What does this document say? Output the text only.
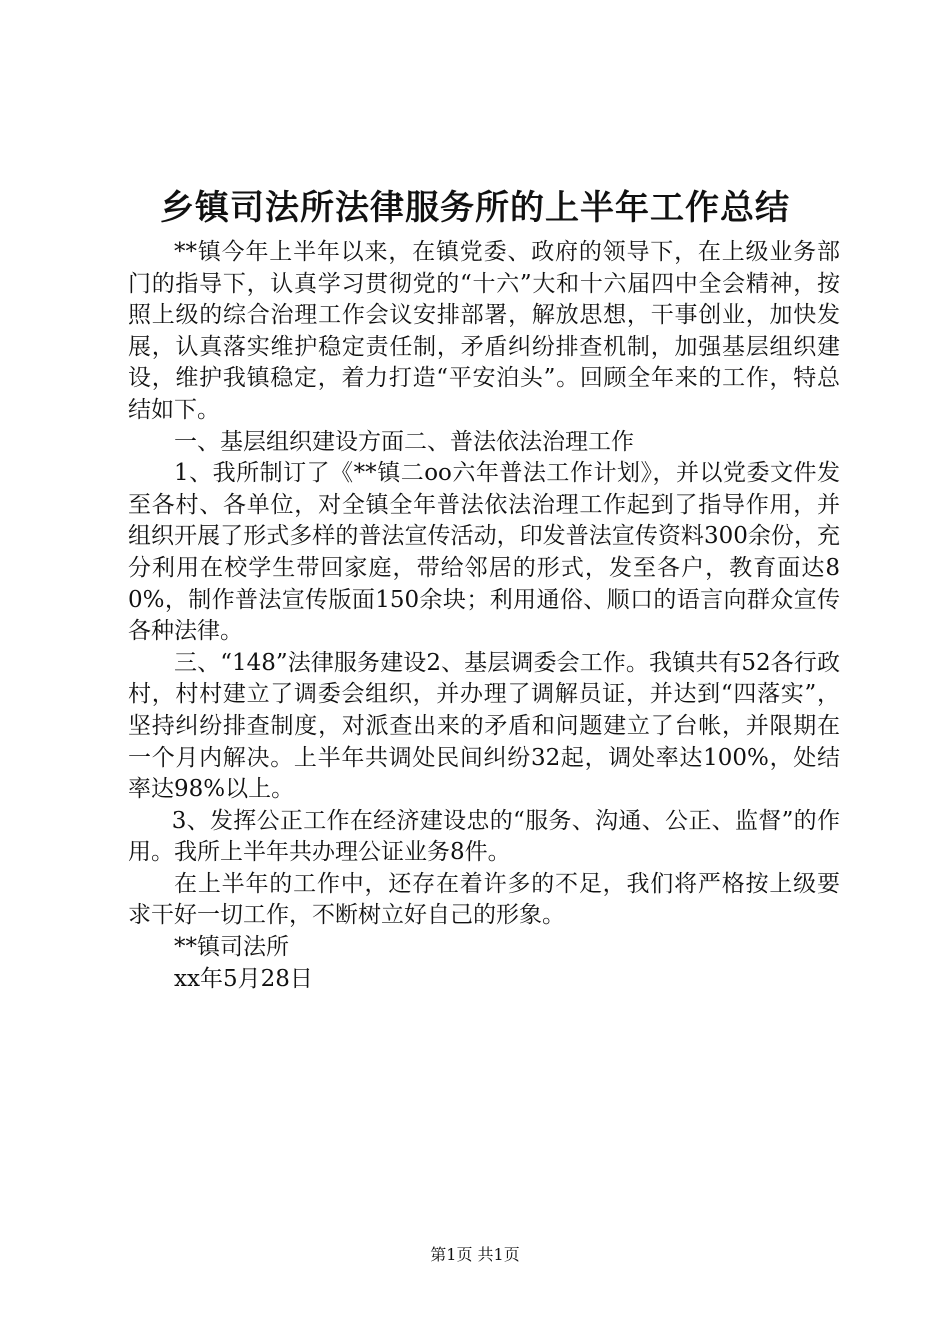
乡镇司法所法律服务所的上半年工作总结

**镇今年上半年以来，在镇党委、政府的领导下，在上级业务部门的指导下，认真学习贯彻党的“十六”大和十六届四中全会精神，按照上级的综合治理工作会议安排部署，解放思想，干事创业，加快发展，认真落实维护稳定责任制，矛盾纠纷排查机制，加强基层组织建设，维护我镇稳定，着力打造“平安泊头”。回顾全年来的工作，特总结如下。

一、基层组织建设方面二、普法依法治理工作

1、我所制订了《**镇二oo六年普法工作计划》，并以党委文件发至各村、各单位，对全镇全年普法依法治理工作起到了指导作用，并组织开展了形式多样的普法宣传活动，印发普法宣传资料300余份，充分利用在校学生带回家庭，带给邻居的形式，发至各户，教育面达80%，制作普法宣传版面150余块；利用通俗、顺口的语言向群众宣传各种法律。

三、“148”法律服务建设2、基层调委会工作。我镇共有52各行政村，村村建立了调委会组织，并办理了调解员证，并达到“四落实”，坚持纠纷排查制度，对派查出来的矛盾和问题建立了台帐，并限期在一个月内解决。上半年共调处民间纠纷32起，调处率达100%，处结率达98%以上。

3、发挥公正工作在经济建设忠的“服务、沟通、公正、监督”的作用。我所上半年共办理公证业务8件。

在上半年的工作中，还存在着许多的不足，我们将严格按上级要求干好一切工作，不断树立好自己的形象。

**镇司法所

xx年5月28日

第1页 共1页
